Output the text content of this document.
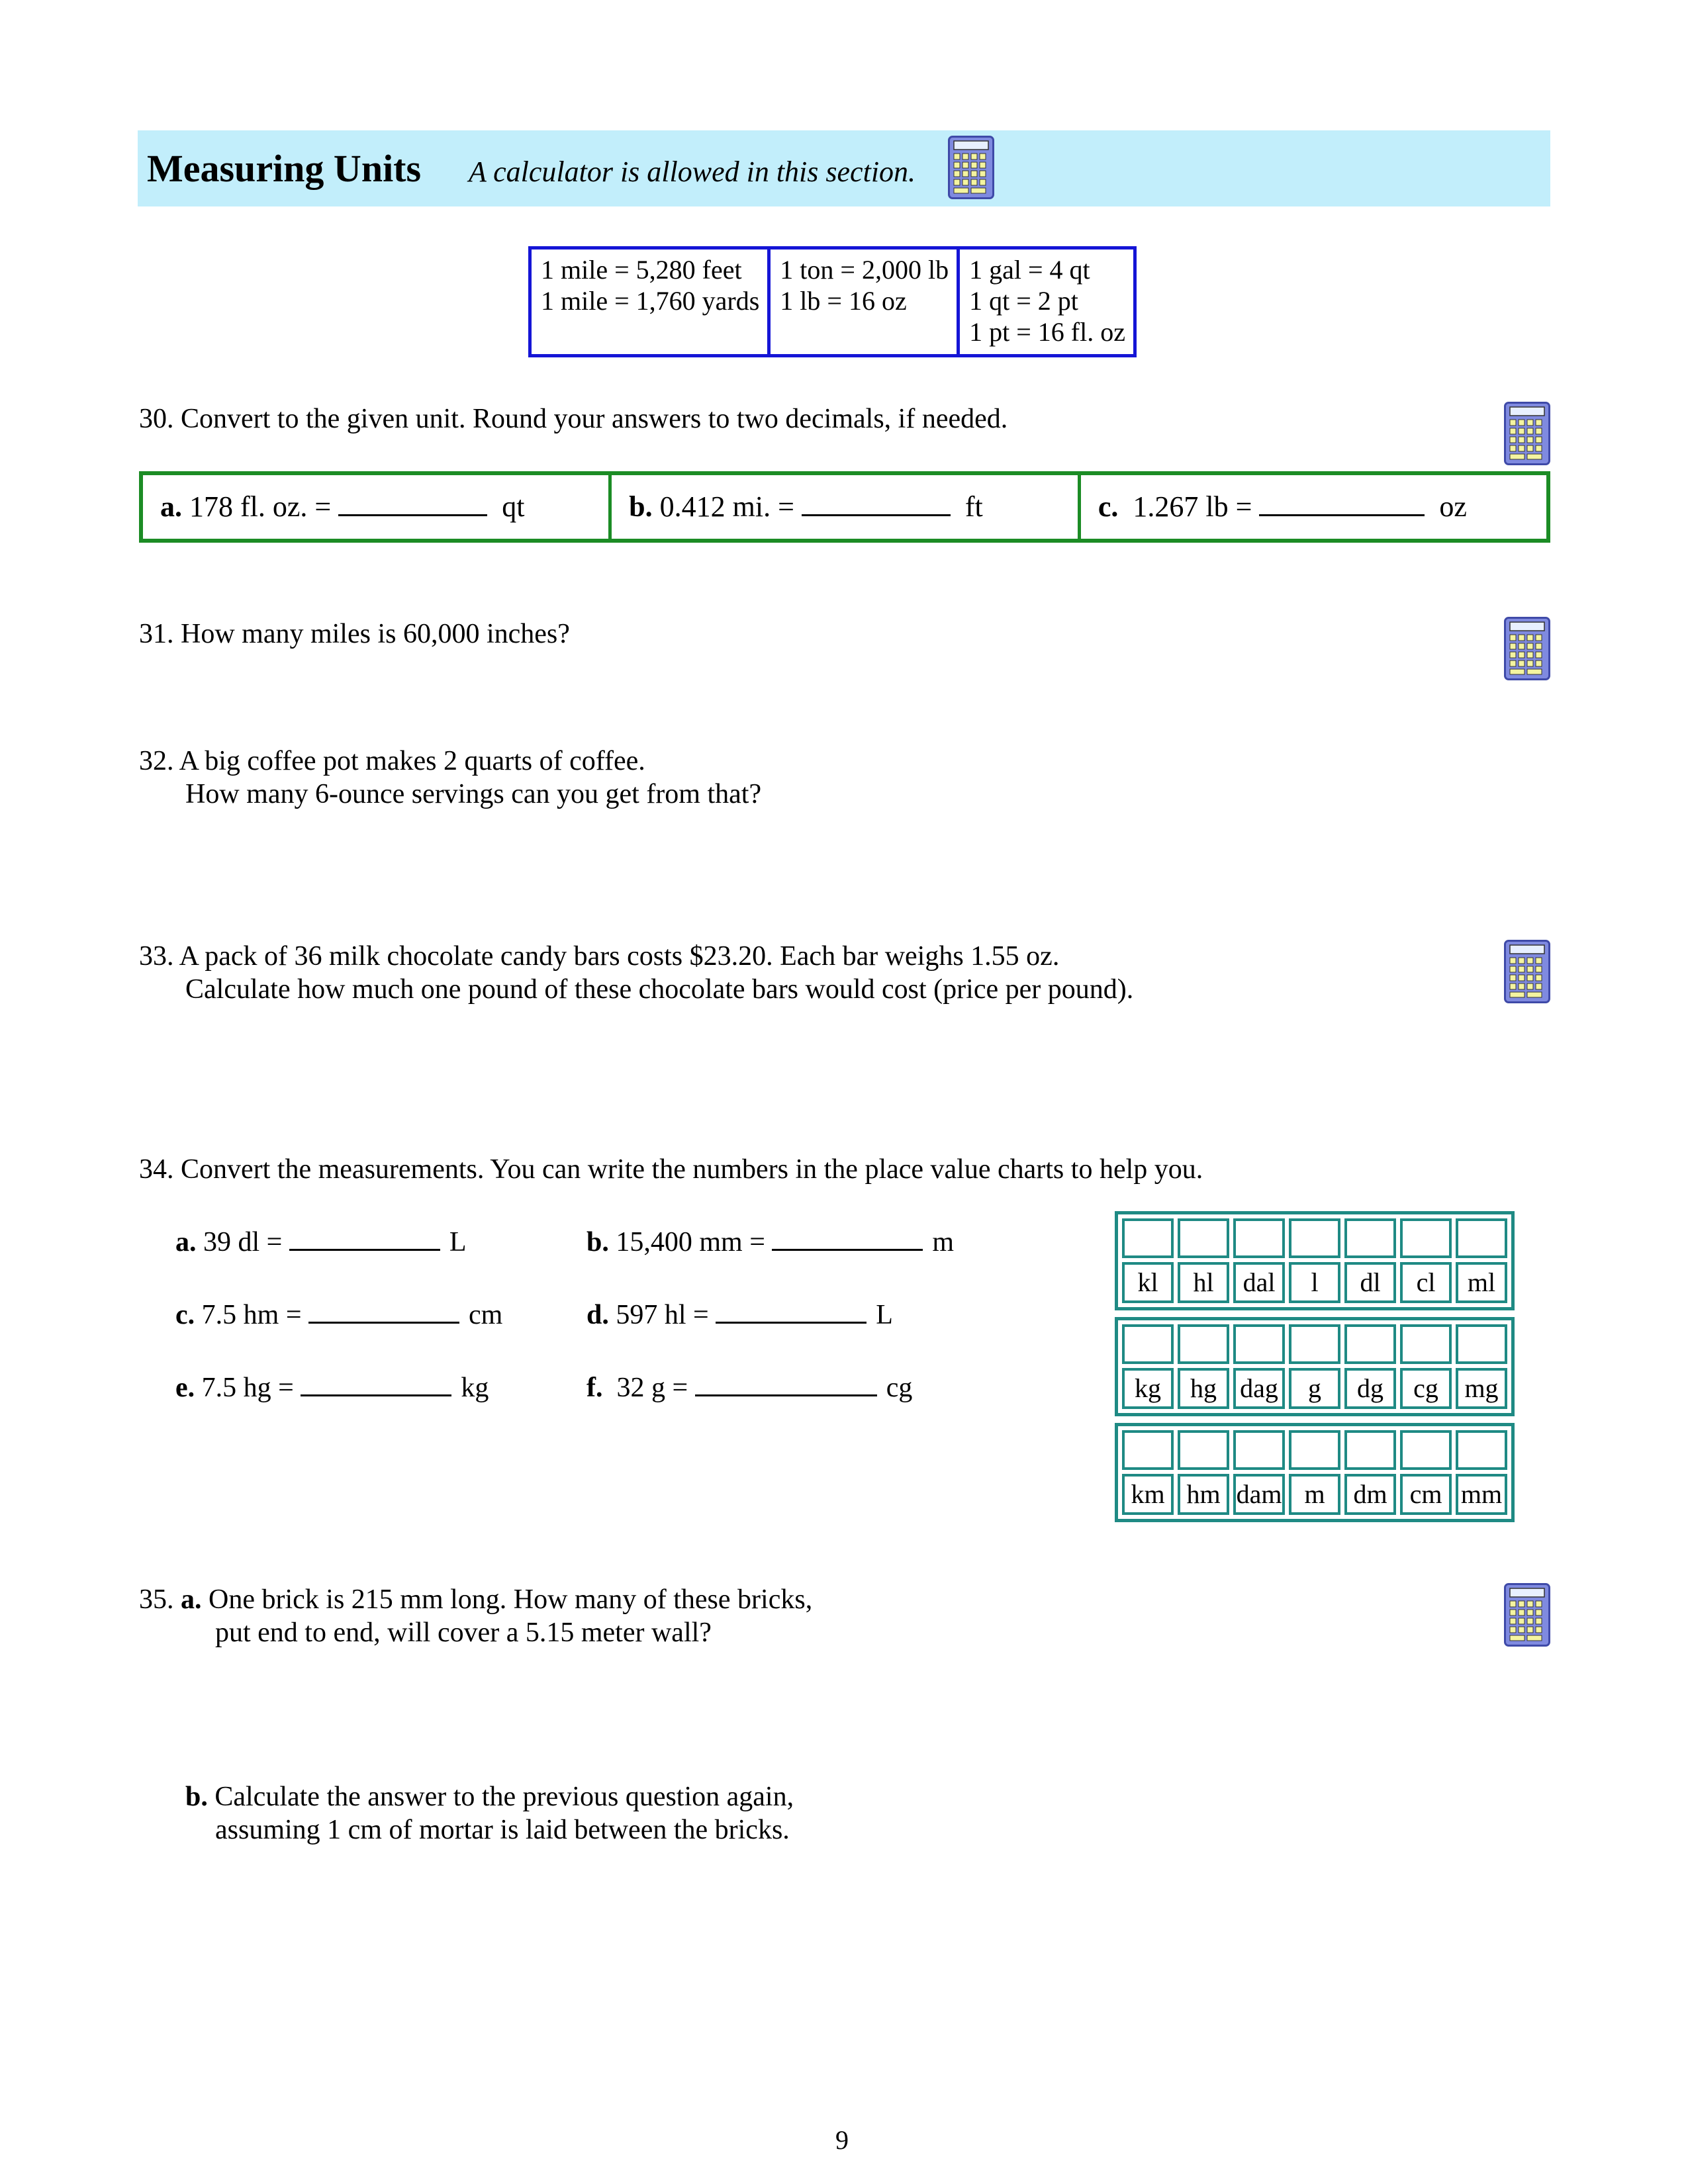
Measuring Units A calculator is allowed in this section.
1 mile = 5,280 feet
1 mile = 1,760 yards

1 ton = 2,000 lb
1 lb = 16 oz

1 gal = 4 qt
1 qt = 2 pt
1 pt = 16 fl. oz
30. Convert to the given unit. Round your answers to two decimals, if needed.
a. 178 fl. oz. =	qt	b. 0.412 mi. =	ft	c.  1.267 lb =	oz
31. How many miles is 60,000 inches?
32. A big coffee pot makes 2 quarts of coffee.
How many 6-ounce servings can you get from that?
33. A pack of 36 milk chocolate candy bars costs $23.20. Each bar weighs 1.55 oz.
Calculate how much one pound of these chocolate bars would cost (price per pound).
34. Convert the measurements. You can write the numbers in the place value charts to help you.
a. 39 dl =	L	b. 15,400 mm =	m
c. 7.5 hm =	cm	d. 597 hl =	L
e. 7.5 hg =	kg	f.  32 g =	cg

kl	hl	dal	l	dl	cl	ml

kg	hg	dag	g	dg	cg	mg

km	hm	dam	m	dm	cm	mm
35. a. One brick is 215 mm long. How many of these bricks,
put end to end, will cover a 5.15 meter wall?
b. Calculate the answer to the previous question again,
assuming 1 cm of mortar is laid between the bricks.
9
